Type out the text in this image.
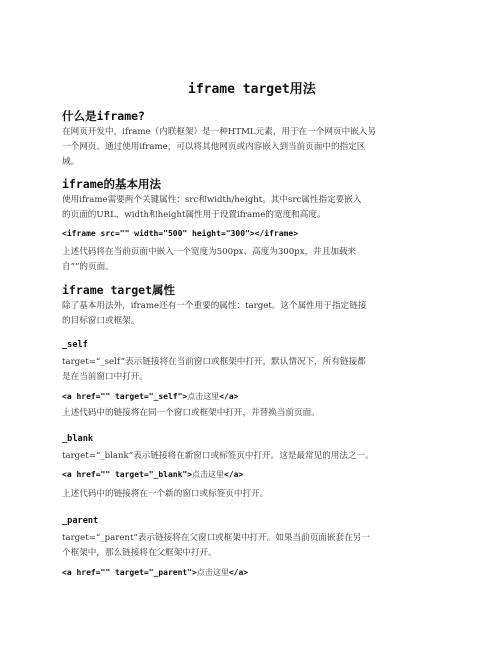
iframe target用法
什么是iframe?
在网页开发中，iframe（内联框架）是一种HTML元素，用于在一个网页中嵌入另
一个网页。通过使用iframe，可以将其他网页或内容嵌入到当前页面中的指定区
域。
iframe的基本用法
使用iframe需要两个关键属性：src和width/height。其中src属性指定要嵌入
的页面的URL，width和height属性用于设置iframe的宽度和高度。
<iframe src="" width="500" height="300"></iframe>
上述代码将在当前页面中嵌入一个宽度为500px、高度为300px，并且加载来
自””的页面。
iframe target属性
除了基本用法外，iframe还有一个重要的属性：target。这个属性用于指定链接
的目标窗口或框架。
_self
target=“_self”表示链接将在当前窗口或框架中打开，默认情况下，所有链接都
是在当前窗口中打开。
<a href="" target="_self">点击这里</a>
上述代码中的链接将在同一个窗口或框架中打开，并替换当前页面。
_blank
target=“_blank”表示链接将在新窗口或标签页中打开。这是最常见的用法之一。
<a href="" target="_blank">点击这里</a>
上述代码中的链接将在一个新的窗口或标签页中打开。
_parent
target=“_parent”表示链接将在父窗口或框架中打开。如果当前页面嵌套在另一
个框架中，那么链接将在父框架中打开。
<a href="" target="_parent">点击这里</a>
